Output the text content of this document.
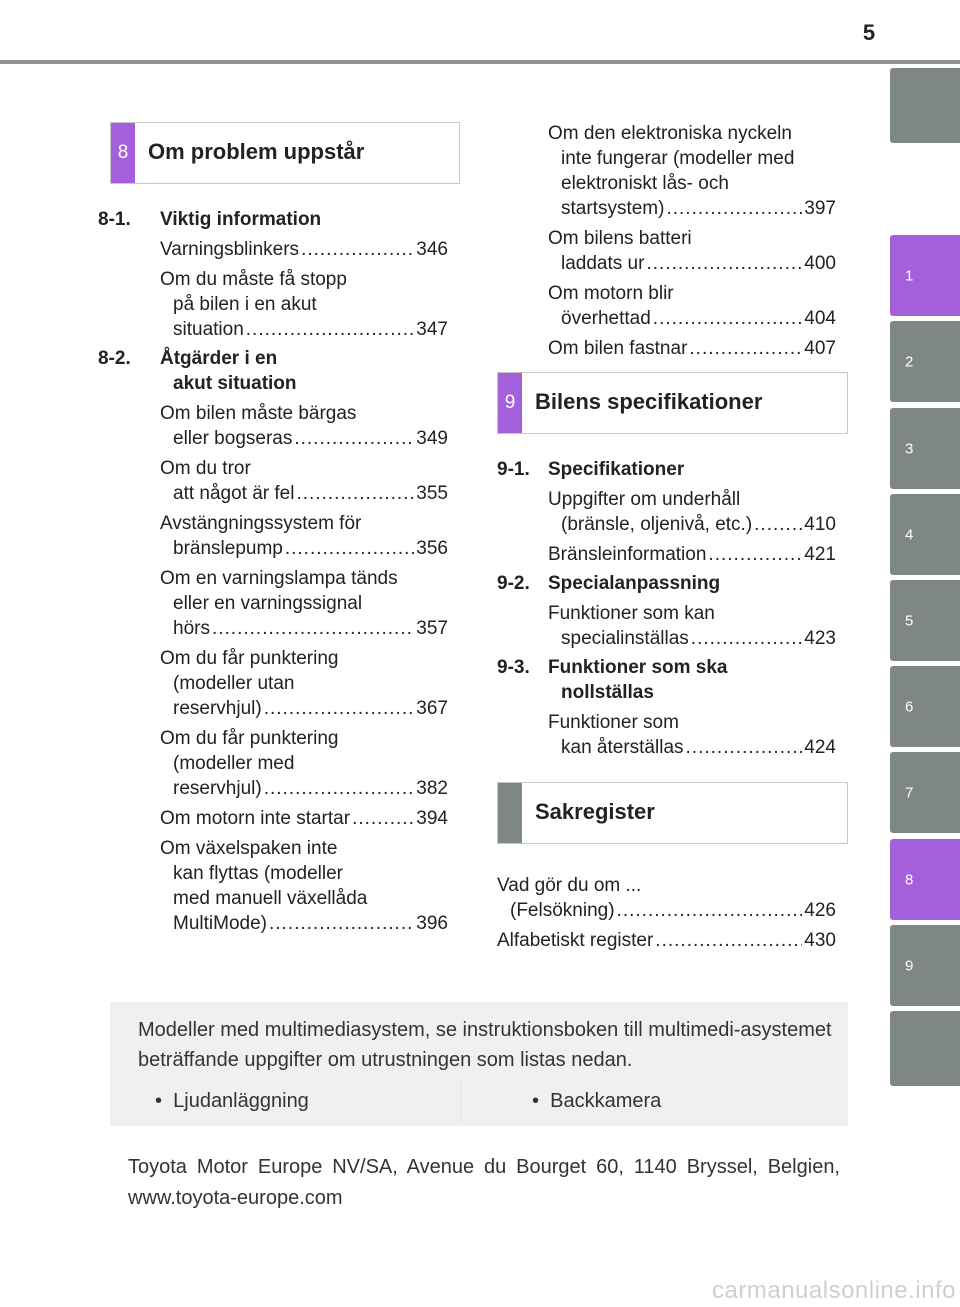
5
1
2
3
4
5
6
7
8
9
8 Om problem uppstår
8-1.	Viktig information
Varningsblinkers .....	346
Om du måste få stopp
på bilen i en akut
situation .....	347
8-2.	Åtgärder i en
akut situation
Om bilen måste bärgas
eller bogseras .....	349
Om du tror
att något är fel .....	355
Avstängningssystem för
bränslepump .....	356
Om en varningslampa tänds
eller en varningssignal
hörs .....	357
Om du får punktering
(modeller utan
reservhjul) .....	367
Om du får punktering
(modeller med
reservhjul) .....	382
Om motorn inte startar .....	394
Om växelspaken inte
kan flyttas (modeller
med manuell växellåda
MultiMode) .....	396
Om den elektroniska nyckeln
inte fungerar (modeller med
elektroniskt lås- och
startsystem) .....	397
Om bilens batteri
laddats ur .....	400
Om motorn blir
överhettad .....	404
Om bilen fastnar .....	407
9 Bilens specifikationer
9-1. Specifikationer
Uppgifter om underhåll
(bränsle, oljenivå, etc.) .....	410
Bränsleinformation .....	421
9-2. Specialanpassning
Funktioner som kan
specialinställas .....	423
9-3. Funktioner som ska
nollställas
Funktioner som
kan återställas .....	424
Sakregister
Vad gör du om ...
(Felsökning) .....	426
Alfabetiskt register .....	430
Modeller med multimediasystem, se instruktionsboken till multimedi-asystemet beträffande uppgifter om utrustningen som listas nedan.
•  Ljudanläggning	•  Backkamera
Toyota Motor Europe NV/SA, Avenue du Bourget 60, 1140 Bryssel, Belgien, www.toyota-europe.com
carmanualsonline.info
